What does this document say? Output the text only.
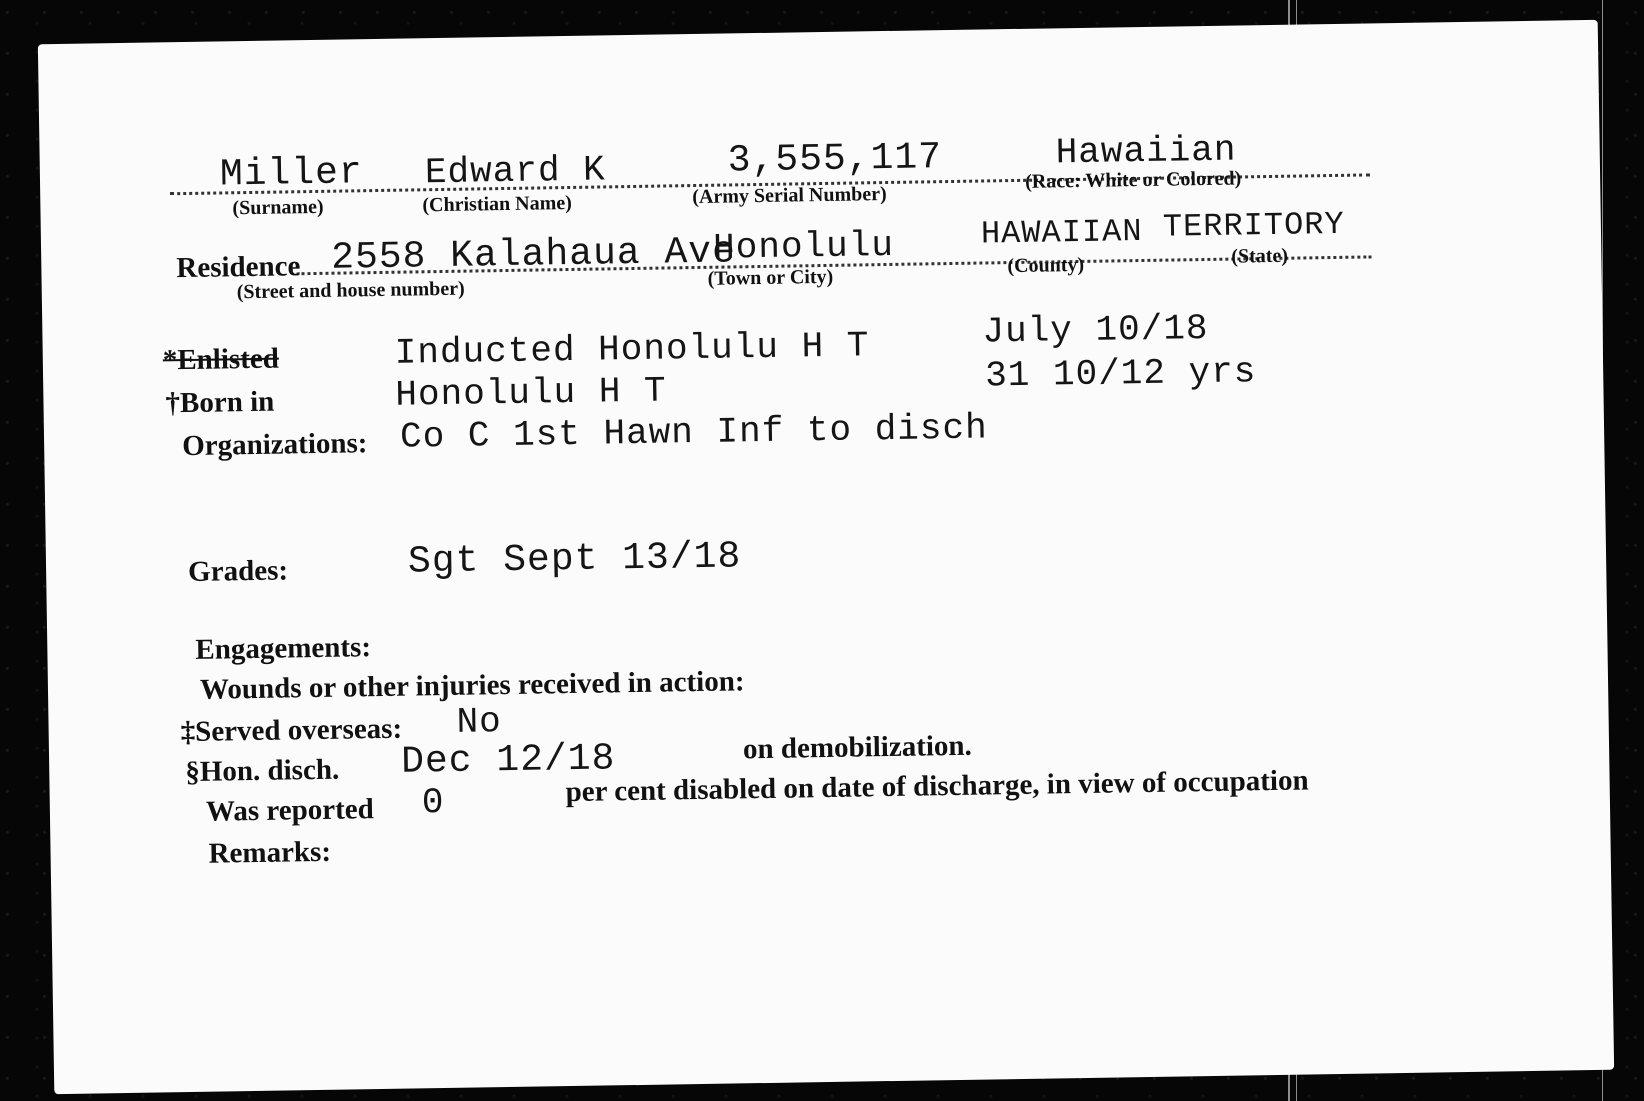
Miller
(Surname)
Edward K
(Christian Name)
3,555,117
(Army Serial Number)
Hawaiian
(Race: White or Colored)
Residence 2558 Kalahaua Ave
(Street and house number)
Honolulu
(Town or City)
HAWAIIAN
(County)
TERRITORY
(State)
*Enlisted	Inducted Honolulu H T	July 10/18
†Born in	Honolulu H T	31 10/12 yrs
Organizations: Co C 1st Hawn Inf to disch
Grades:	Sgt Sept 13/18
Engagements:
Wounds or other injuries received in action:
‡Served overseas: No
§Hon. disch. Dec 12/18	on demobilization.
Was reported 0	per cent disabled on date of discharge, in view of occupation
Remarks:
